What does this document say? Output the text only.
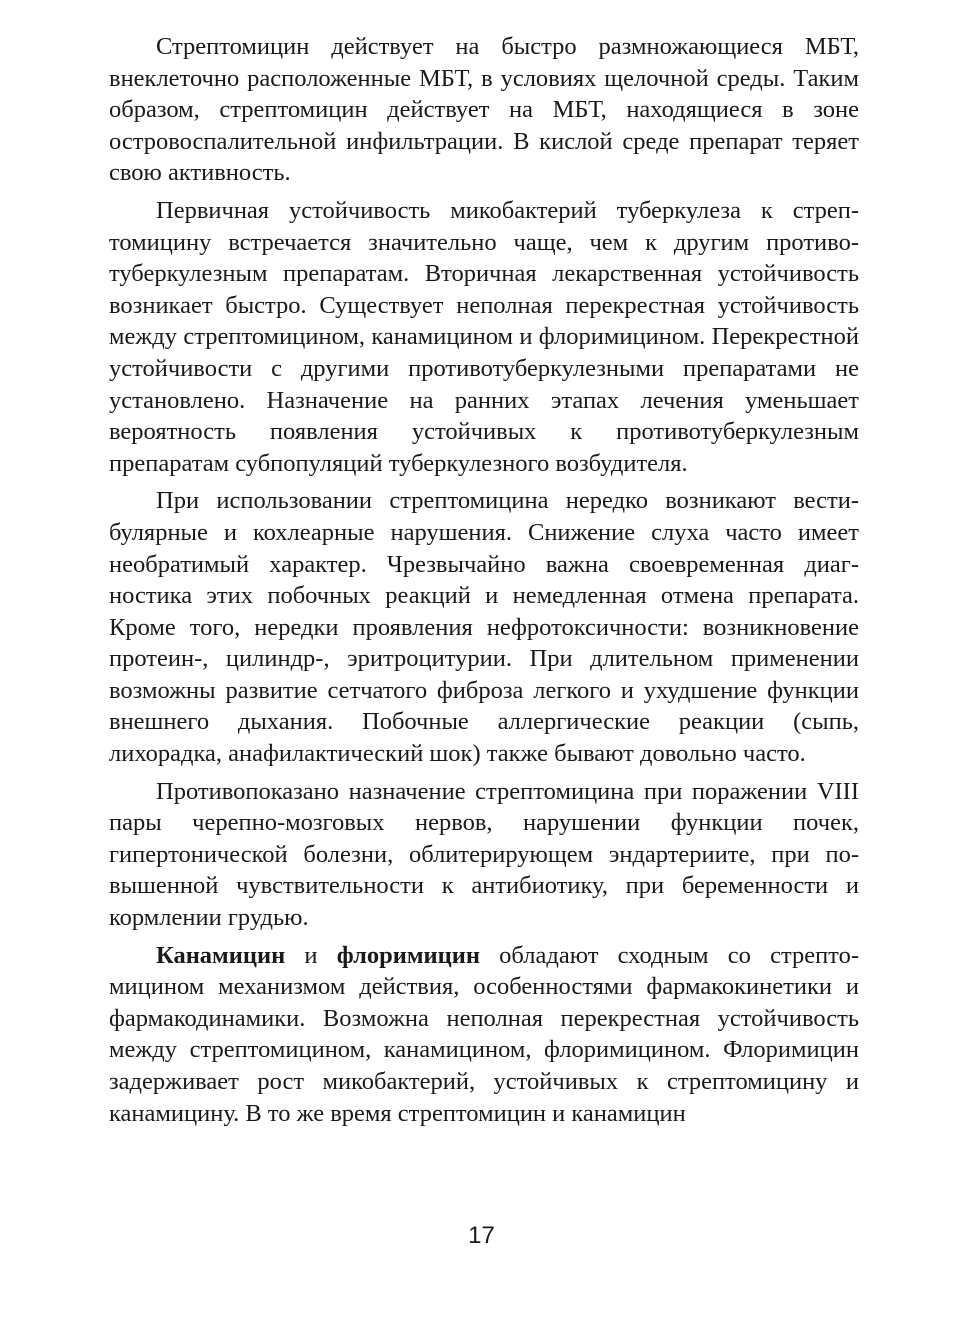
Стрептомицин действует на быстро размножающиеся МБТ, внеклеточно расположенные МБТ, в условиях щелочной среды. Таким образом, стрептомицин действует на МБТ, находящиеся в зоне островоспалительной инфильтрации. В кислой среде препарат теряет свою активность.

Первичная устойчивость микобактерий туберкулеза к стрептомицину встречается значительно чаще, чем к другим противотуберкулезным препаратам. Вторичная лекарственная устойчивость возникает быстро. Существует неполная перекрестная устойчивость между стрептомицином, канамицином и флоримицином. Перекрестной устойчивости с другими противотуберкулезными препаратами не установлено. Назначение на ранних этапах лечения уменьшает вероятность появления устойчивых к противотуберкулезным препаратам субпопуляций туберкулезного возбудителя.

При использовании стрептомицина нередко возникают вестибулярные и кохлеарные нарушения. Снижение слуха часто имеет необратимый характер. Чрезвычайно важна своевременная диагностика этих побочных реакций и немедленная отмена препарата. Кроме того, нередки проявления нефротоксичности: возникновение протеин-, цилиндр-, эритроцитурии. При длительном применении возможны развитие сетчатого фиброза легкого и ухудшение функции внешнего дыхания. Побочные аллергические реакции (сыпь, лихорадка, анафилактический шок) также бывают довольно часто.

Противопоказано назначение стрептомицина при поражении VIII пары черепно-мозговых нервов, нарушении функции почек, гипертонической болезни, облитерирующем эндартериите, при повышенной чувствительности к антибиотику, при беременности и кормлении грудью.

Канамицин и флоримицин обладают сходным со стрептомицином механизмом действия, особенностями фармакокинетики и фармакодинамики. Возможна неполная перекрестная устойчивость между стрептомицином, канамицином, флоримицином. Флоримицин задерживает рост микобактерий, устойчивых к стрептомицину и канамицину. В то же время стрептомицин и канамицин

17
